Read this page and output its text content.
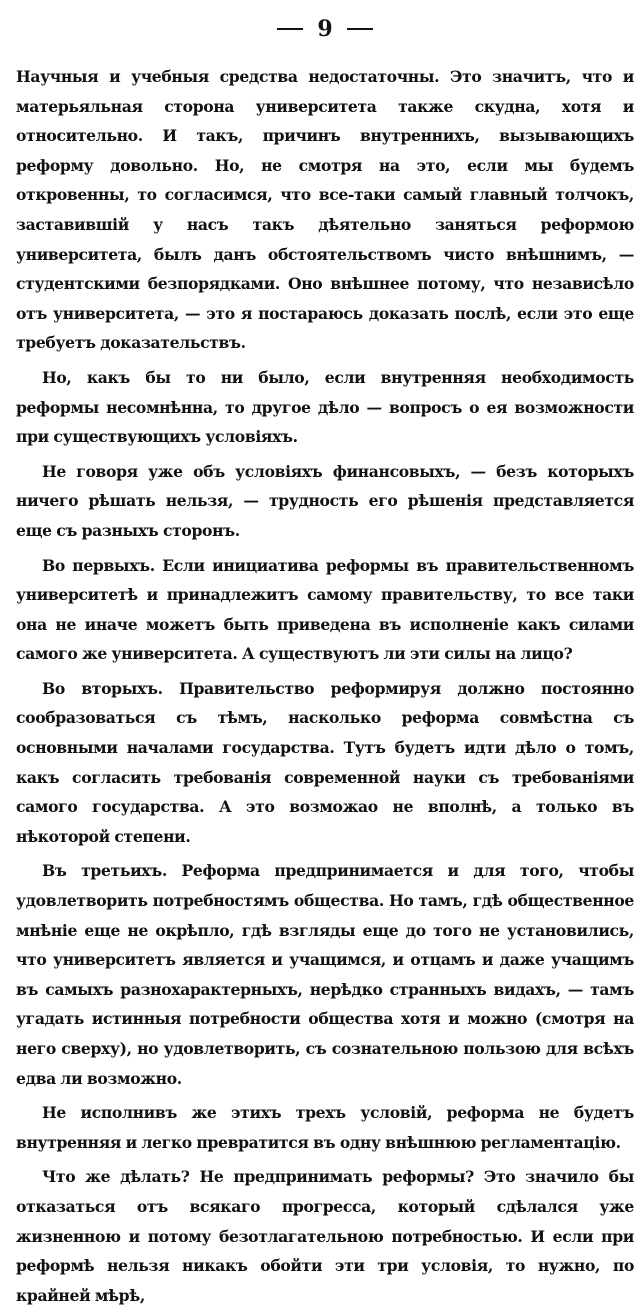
9

Научныя и учебныя средства недостаточны. Это значитъ, что и матерьяльная сторона университета также скудна, хотя и относительно. И такъ, причинъ внутреннихъ, вызывающихъ реформу довольно. Но, не смотря на это, если мы будемъ откровенны, то согласимся, что все-таки самый главный толчокъ, заставившій у насъ такъ дѣятельно заняться реформою университета, былъ данъ обстоятельствомъ чисто внѣшнимъ, — студентскими безпорядками. Оно внѣшнее потому, что независѣло отъ университета, — это я постараюсь доказать послѣ, если это еще требуетъ доказательствъ.

Но, какъ бы то ни было, если внутренняя необходимость реформы несомнѣнна, то другое дѣло — вопросъ о ея возможности при существующихъ условіяхъ.

Не говоря уже объ условіяхъ финансовыхъ, — безъ которыхъ ничего рѣшать нельзя, — трудность его рѣшенія представляется еще съ разныхъ сторонъ.

Во первыхъ. Если инициатива реформы въ правительственномъ университетѣ и принадлежитъ самому правительству, то все таки она не иначе можетъ быть приведена въ исполненіе какъ силами самого же университета. А существуютъ ли эти силы на лицо?

Во вторыхъ. Правительство реформируя должно постоянно сообразоваться съ тѣмъ, насколько реформа совмѣстна съ основными началами государства. Тутъ будетъ идти дѣло о томъ, какъ согласить требованія современной науки съ требованіями самого государства. А это возможао не вполнѣ, а только въ нѣкоторой степени.

Въ третьихъ. Реформа предпринимается и для того, чтобы удовлетворить потребностямъ общества. Но тамъ, гдѣ общественное мнѣніе еще не окрѣпло, гдѣ взгляды еще до того не установились, что университетъ является и учащимся, и отцамъ и даже учащимъ въ самыхъ разнохарактерныхъ, нерѣдко странныхъ видахъ, — тамъ угадать истинныя потребности общества хотя и можно (смотря на него сверху), но удовлетворить, съ сознательною пользою для всѣхъ едва ли возможно.

Не исполнивъ же этихъ трехъ условій, реформа не будетъ внутренняя и легко превратится въ одну внѣшнюю регламентацію.

Что же дѣлать? Не предпринимать реформы? Это значило бы отказаться отъ всякаго прогресса, который сдѣлался уже жизненною и потому безотлагательною потребностью. И если при реформѣ нельзя никакъ обойти эти три условія, то нужно, по крайней мѣрѣ,
